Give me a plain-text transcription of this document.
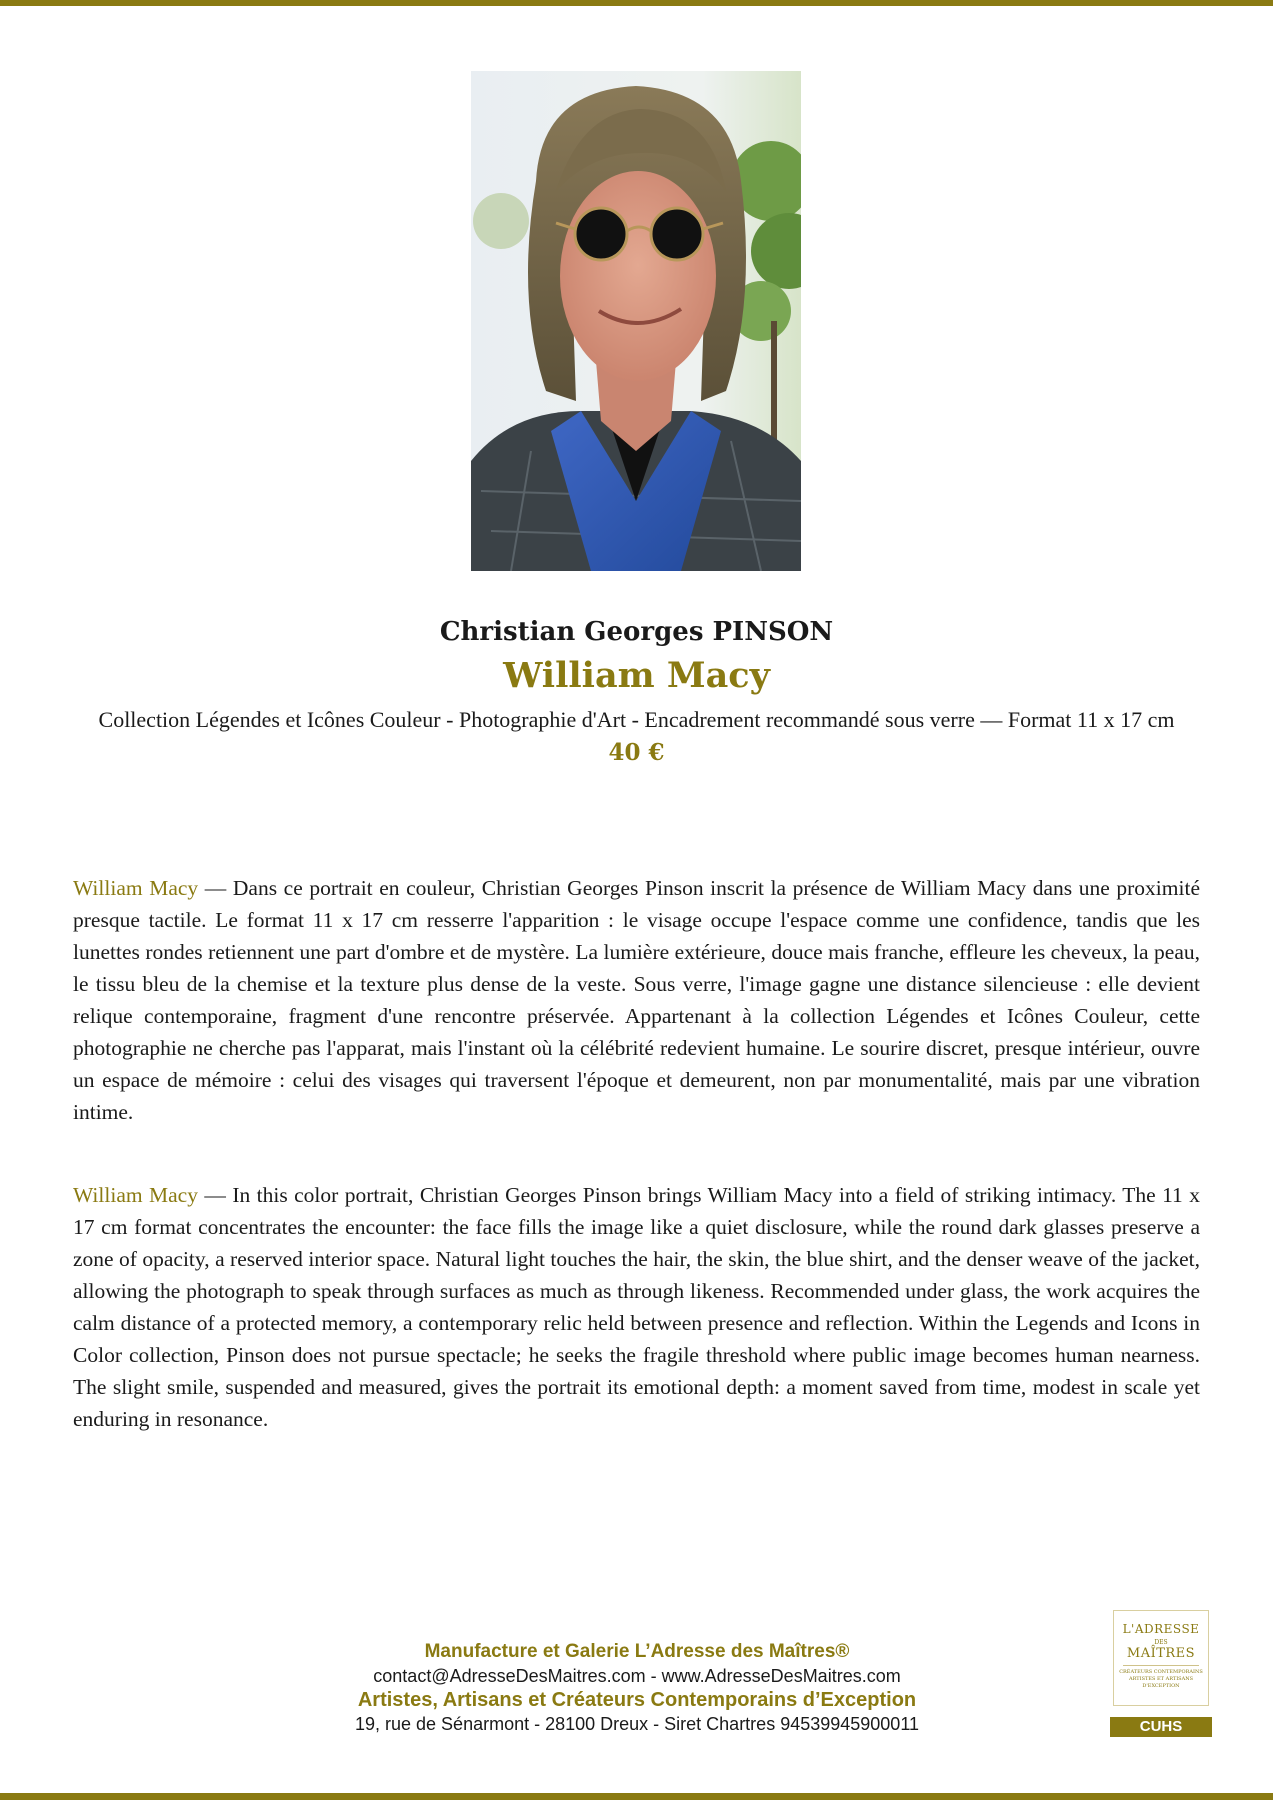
Christian Georges PINSON
William Macy
Collection Légendes et Icônes Couleur - Photographie d'Art - Encadrement recommandé sous verre — Format 11 x 17 cm
40 €

William Macy — Dans ce portrait en couleur, Christian Georges Pinson inscrit la présence de William Macy dans une proximité presque tactile. Le format 11 x 17 cm resserre l'apparition : le visage occupe l'espace comme une confidence, tandis que les lunettes rondes retiennent une part d'ombre et de mystère. La lumière extérieure, douce mais franche, effleure les cheveux, la peau, le tissu bleu de la chemise et la texture plus dense de la veste. Sous verre, l'image gagne une distance silencieuse : elle devient relique contemporaine, fragment d'une rencontre préservée. Appartenant à la collection Légendes et Icônes Couleur, cette photographie ne cherche pas l'apparat, mais l'instant où la célébrité redevient humaine. Le sourire discret, presque intérieur, ouvre un espace de mémoire : celui des visages qui traversent l'époque et demeurent, non par monumentalité, mais par une vibration intime.

William Macy — In this color portrait, Christian Georges Pinson brings William Macy into a field of striking intimacy. The 11 x 17 cm format concentrates the encounter: the face fills the image like a quiet disclosure, while the round dark glasses preserve a zone of opacity, a reserved interior space. Natural light touches the hair, the skin, the blue shirt, and the denser weave of the jacket, allowing the photograph to speak through surfaces as much as through likeness. Recommended under glass, the work acquires the calm distance of a protected memory, a contemporary relic held between presence and reflection. Within the Legends and Icons in Color collection, Pinson does not pursue spectacle; he seeks the fragile threshold where public image becomes human nearness. The slight smile, suspended and measured, gives the portrait its emotional depth: a moment saved from time, modest in scale yet enduring in resonance.

Manufacture et Galerie L’Adresse des Maîtres®
contact@AdresseDesMaitres.com - www.AdresseDesMaitres.com
Artistes, Artisans et Créateurs Contemporains d’Exception
19, rue de Sénarmont - 28100 Dreux - Siret Chartres 94539945900011
L'ADRESSE
DES
MAÎTRES
CRÉATEURS CONTEMPORAINS ARTISTES ET ARTISANS D'EXCEPTION
CUHS
